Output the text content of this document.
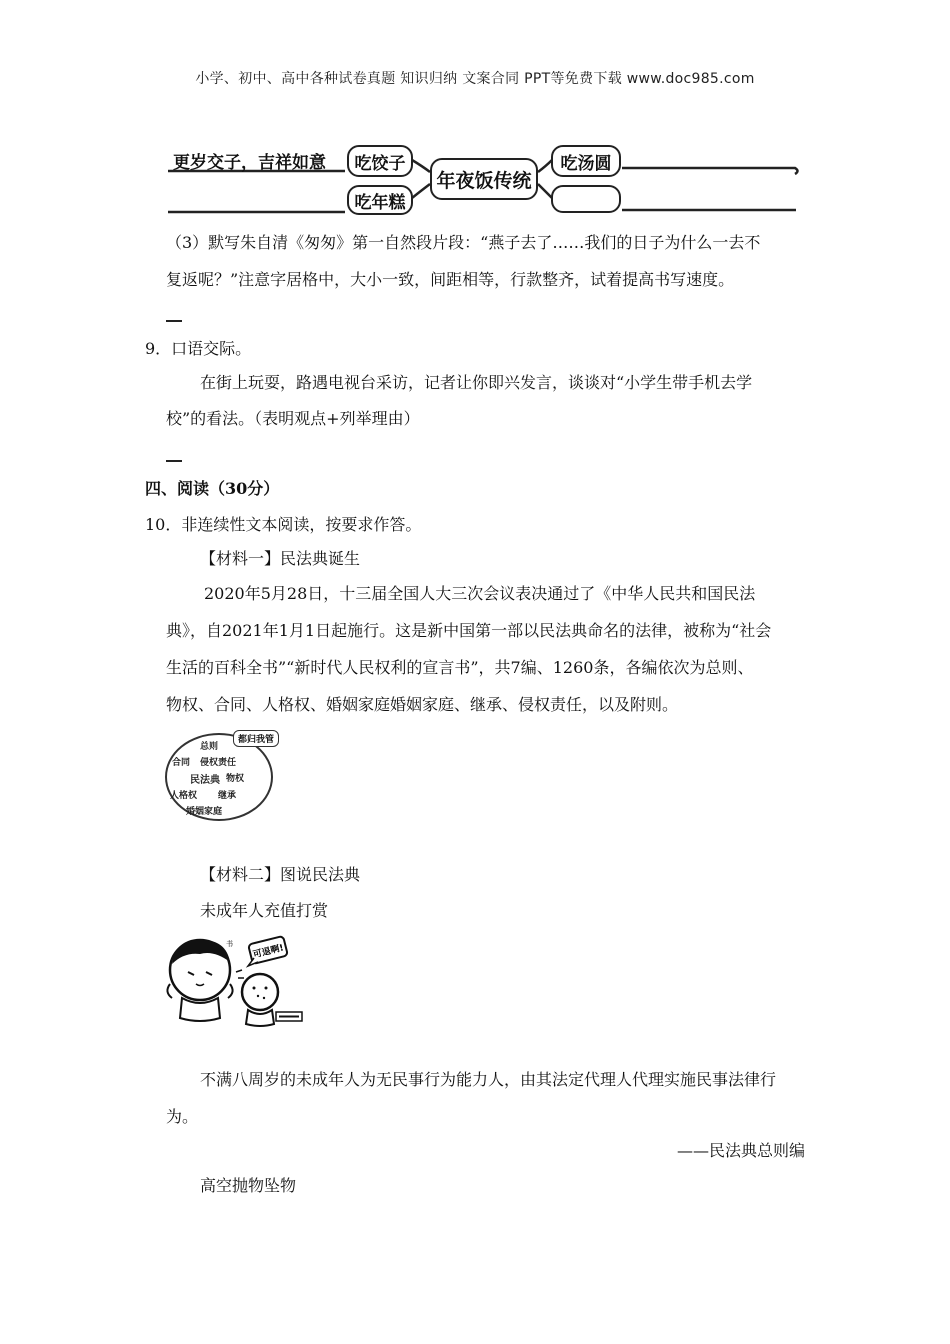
小学、初中、高中各种试卷真题 知识归纳 文案合同 PPT等免费下载 www.doc985.com
更岁交子，吉祥如意	吃饺子
吃年糕
年夜饭传统
吃汤圆
（3）默写朱自清《匆匆》第一自然段片段：“燕子去了……我们的日子为什么一去不
复返呢？”注意字居格中，大小一致，间距相等，行款整齐，试着提高书写速度。
9．口语交际。
在街上玩耍，路遇电视台采访，记者让你即兴发言，谈谈对“小学生带手机去学
校”的看法。（表明观点+列举理由）
四、阅读（30分）
10．非连续性文本阅读，按要求作答。
【材料一】民法典诞生
2020年5月28日，十三届全国人大三次会议表决通过了《中华人民共和国民法
典》，自2021年1月1日起施行。这是新中国第一部以民法典命名的法律，被称为“社会
生活的百科全书”“新时代人民权利的宣言书”，共7编、1260条，各编依次为总则、
物权、合同、人格权、婚姻家庭婚姻家庭、继承、侵权责任，以及附则。
都归我管
总则
合同 侵权责任
民法典 物权
人格权 继承
婚姻家庭
【材料二】图说民法典
未成年人充值打赏
可退啊!
书
不满八周岁的未成年人为无民事行为能力人，由其法定代理人代理实施民事法律行
为。
——民法典总则编
高空抛物坠物
